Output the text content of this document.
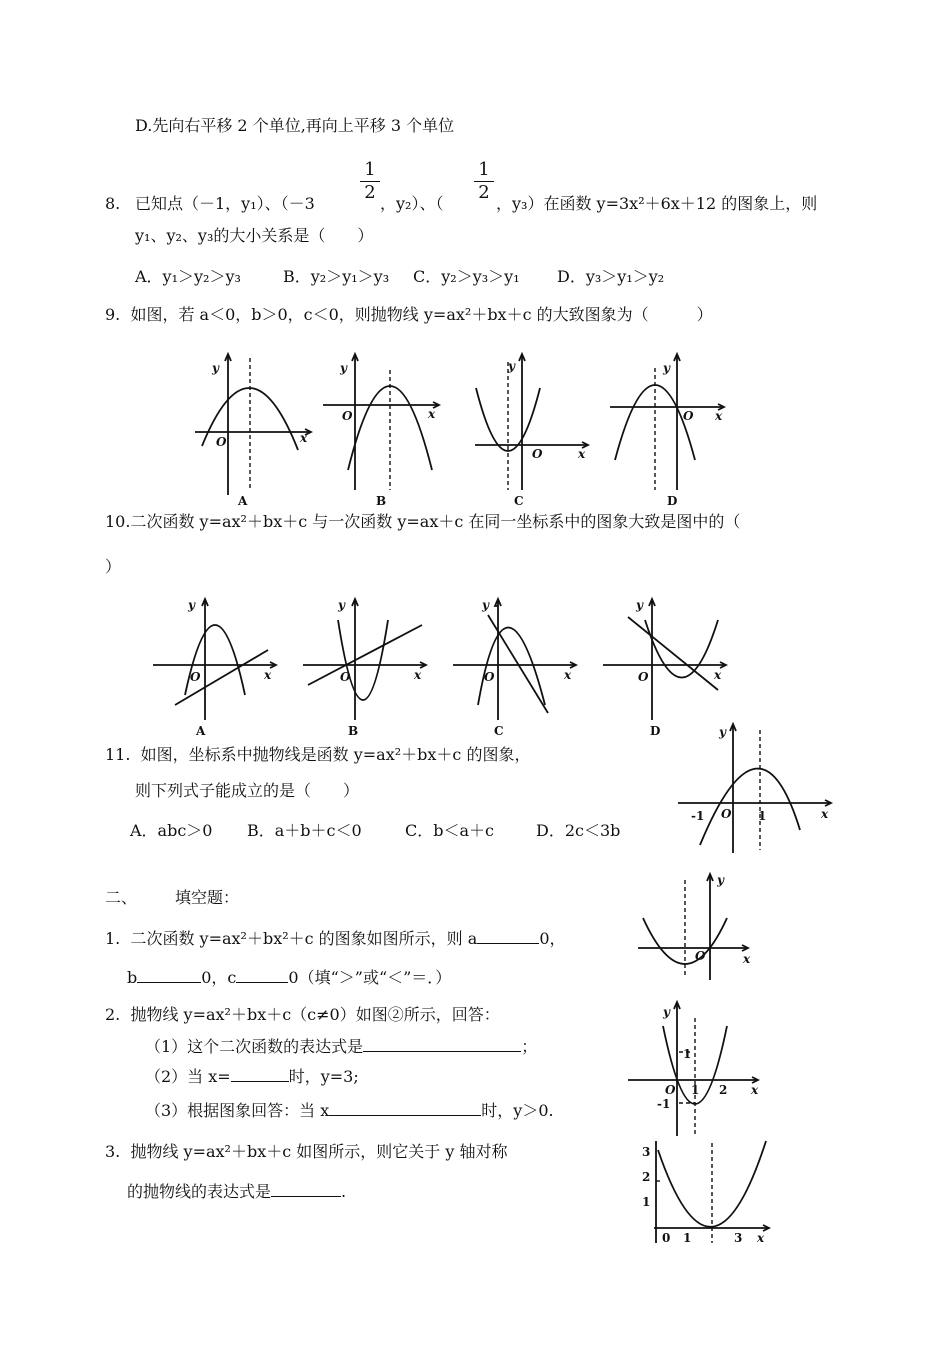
D.先向右平移 2 个单位,再向上平移 3 个单位
8. 已知点（－1，y₁）、（－3
1
2
，y₂）、（
1
2
，y₃）在函数 y=3x²＋6x＋12 的图象上，则
y₁、y₂、y₃的大小关系是（　　）
A．y₁＞y₂＞y₃	B．y₂＞y₁＞y₃ C．y₂＞y₃＞y₁ D．y₃＞y₁＞y₂
9.  如图，若 a＜0，b＞0，c＜0，则抛物线 y=ax²＋bx＋c 的大致图象为（　　　）
y
x
O
A
y
x
O
B
y
x
O
C
y
x
O
D
10.二次函数 y=ax²＋bx＋c 与一次函数 y=ax＋c 在同一坐标系中的图象大致是图中的（
）
y
x
O
A
y
x
O
B
y
x
O
C
y
x
O
D
11.  如图，坐标系中抛物线是函数 y=ax²＋bx＋c 的图象，
则下列式子能成立的是（　　）
A．abc＞0 B．a＋b＋c＜0	C．b＜a＋c	D．2c＜3b
y
x
-1 O 1
二、 填空题：
1.  二次函数 y=ax²＋bx²＋c 的图象如图所示，则 a	0，
b	0，c	0（填“＞”或“＜”＝．）
y
x
O
2.  抛物线 y=ax²＋bx＋c（c≠0）如图②所示，回答：
（1）这个二次函数的表达式是	；
（2）当 x=	时，y=3;
（3）根据图象回答：当 x	时，y＞0.
y
x
1
-1
O 1 2
3.  抛物线 y=ax²＋bx＋c 如图所示，则它关于 y 轴对称
的抛物线的表达式是	.
3
2
1
0 1	3 x
